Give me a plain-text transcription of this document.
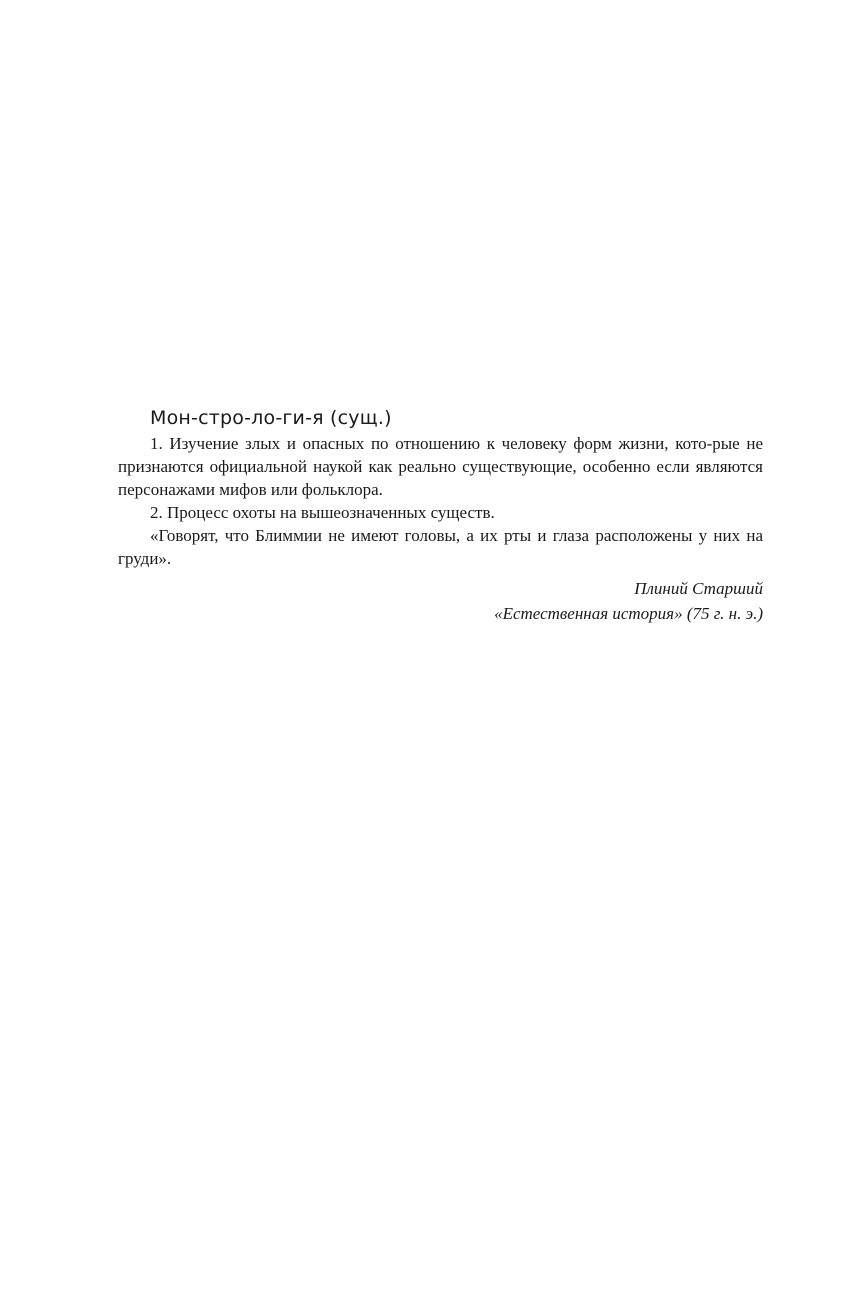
Мон-стро-ло-ги-я (сущ.)

1. Изучение злых и опасных по отношению к человеку форм жизни, кото-рые не признаются официальной наукой как реально существующие, особенно если являются персонажами мифов или фольклора.

2. Процесс охоты на вышеозначенных существ.

«Говорят, что Блиммии не имеют головы, а их рты и глаза расположены у них на груди».

Плиний Старший
«Естественная история» (75 г. н. э.)
